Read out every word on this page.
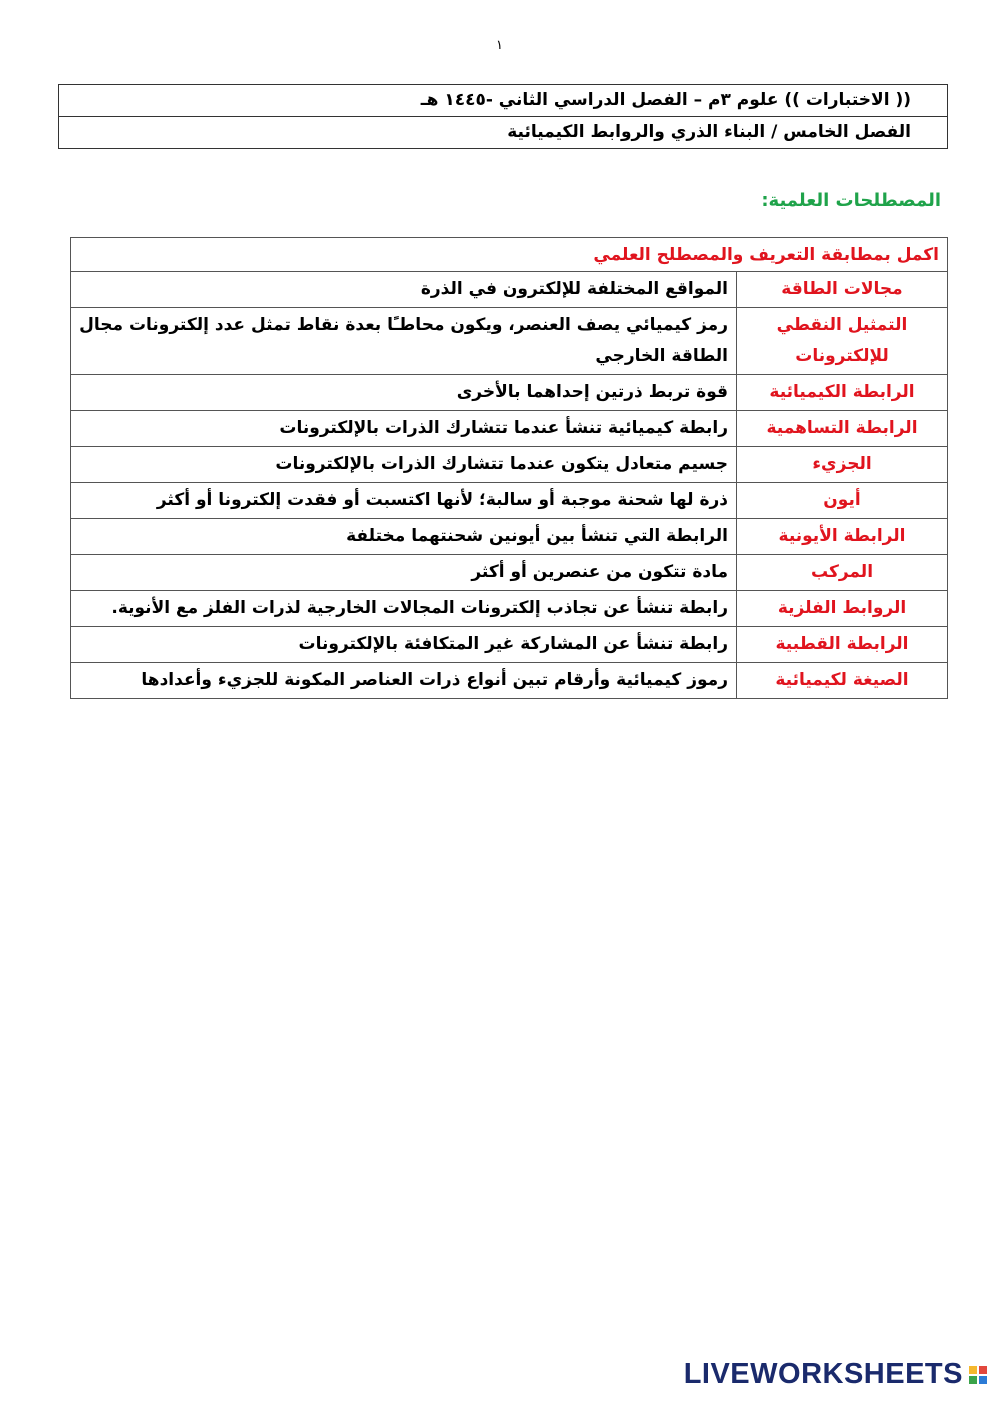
١
(( الاختبارات )) علوم ٣م – الفصل الدراسي الثاني -١٤٤٥ هـ
الفصل الخامس / البناء الذري والروابط الكيميائية
المصطلحات العلمية:
اكمل بمطابقة التعريف والمصطلح العلمي	
مجالات الطاقة	المواقع المختلفة للإلكترون في الذرة
التمثيل النقطي للإلكترونات	رمز كيميائي يصف العنصر، ويكون محاطـًا بعدة نقاط تمثل عدد إلكترونات مجال الطاقة الخارجي
الرابطة الكيميائية	قوة تربط ذرتين إحداهما بالأخرى
الرابطة التساهمية	رابطة كيميائية تنشأ عندما تتشارك الذرات بالإلكترونات
الجزيء	جسيم متعادل يتكون عندما تتشارك الذرات بالإلكترونات
أيون	ذرة لها شحنة موجبة أو سالبة؛ لأنها اكتسبت أو فقدت إلكترونا أو أكثر
الرابطة الأيونية	الرابطة التي تنشأ بين أيونين شحنتهما مختلفة
المركب	مادة تتكون من عنصرين أو أكثر
الروابط الفلزية	رابطة تنشأ عن تجاذب إلكترونات المجالات الخارجية لذرات الفلز مع الأنوية.
الرابطة القطبية	رابطة تنشأ عن المشاركة غير المتكافئة بالإلكترونات
الصيغة لكيميائية	رموز كيميائية وأرقام تبين أنواع ذرات العناصر المكونة للجزيء وأعدادها
LIVEWORKSHEETS
